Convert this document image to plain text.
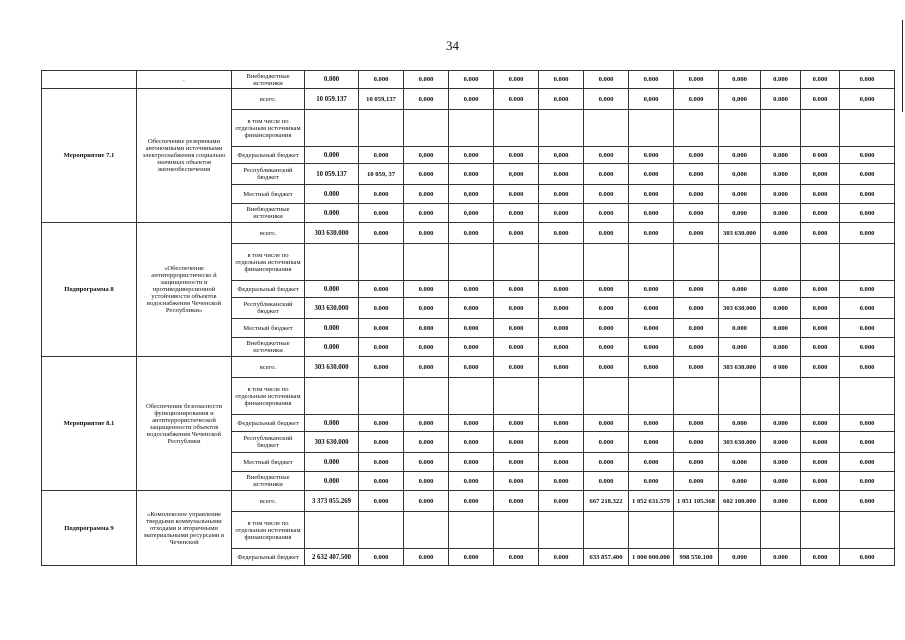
34
	.	Внебюджетные источники	0.000	0.000	0.000	0.000	0.000	0.000	0.000	0.000	0.000	0.000	0.000	0.000	0.000
Мероприятие 7.1	Обеспечение резервными автономными источниками электроснабжения социально значимых объектов жизнеобеспечения	всего.	10 059.137	10 059,137	0.000	0.000	0.000	0.000	0.000	0,000	0.000	0,000	0.000	0.000	0,000
		в том числе по отдельным источникам финансирования													
		Федеральный бюджет	0.000	0.000	0,000	0.000	0.000	0,000	0.000	0.000	0.000	0.000	0.000	0 000	0.000
		Республиканский бюджет	10 059.137	10 059, 37	0.000	0.000	0,000	0.000	0.000	0.000	0.000	0,000	0.000	0,000	0.000
		Местный бюджет	0.000	0.000	0.000	0,000	0.000	0.000	0.000	0.000	0.000	0.000	0.000	0.000	0.000
		Внебюджетные источники	0.000	0.000	0.000	0,000	0.000	0.000	0.000	0.000	0.000	0.000	0.000	0.000	0.000
Подпрограмма 8	«Обеспечение антитеррористическо й защищенности и противодиверсионной устойчивости объектов водоснабжения Чеченской Республики»	всего.	303 630.000	0.000	0.000	0.000	0.000	0.000	0.000	0.000	0.000	303 630.000	0.000	0.000	0.000
		в том числе по отдельным источникам финансирования													
		Федеральный бюджет	0.000	0.000	0.000	0.000	0.000	0.000	0.000	0.000	0.000	0.000	0.000	0.000	0.000
		Республиканский бюджет	303 630.000	0.000	0.000	0.000	0.000	0.000	0.000	0.000	0.000	303 630.000	0.000	0.000	0.000
		Местный бюджет	0.000	0.000	0.000	0.000	0.000	0.000	0.000	0.000	0.000	0.000	0.000	0.000	0.000
		Внебюджетные источники	0.000	0.000	0.000	0.000	0.000	0.000	0.000	0.000	0.000	0.000	0.000	0.000	0.000
Мероприятие 8.1	Обеспечение безопасности функционирования и антитеррористической защищенности объектов водоснабжения Чеченской Республики	всего.	303 630.000	0.000	0.000	0.000	0.000	0.000	0.000	0.000	0.000	303 630.000	0 000	0.000	0.000
		в том числе по отдельным источникам финансирования													
		Федеральный бюджет	0.000	0.000	0.000	0.000	0.000	0.000	0.000	0.000	0.000	0.000	0.000	0.000	0.000
		Республиканский бюджет	303 630.000	0.000	0.000	0.000	0.000	0.000	0.000	0.000	0.000	303 630.000	0.000	0.000	0.000
		Местный бюджет	0.000	0.000	0.000	0.000	0.000	0.000	0.000	0.000	0.000	0.000	0.000	0.000	0.000
		Внебюджетные источники	0.000	0.000	0.000	0.000	0.000	0.000	0.000	0.000	0.000	0.000	0.000	0.000	0.000
Подпрограмма 9	«Комплексное управление твердыми коммунальными отходами и вторичными материальными ресурсами в Чеченской	всего.	3 373 055.269	0.000	0.000	0.000	0.000	0.000	667 218.322	1 052 631.579	1 051 105.368	602 100.000	0.000	0.000	0.000
		в том числе по отдельным источникам финансирования													
		Федеральный бюджет	2 632 407.500	0.000	0.000	0.000	0.000	0.000	633 857.400	1 000 000.000	998 550.100	0.000	0.000	0.000	0.000
